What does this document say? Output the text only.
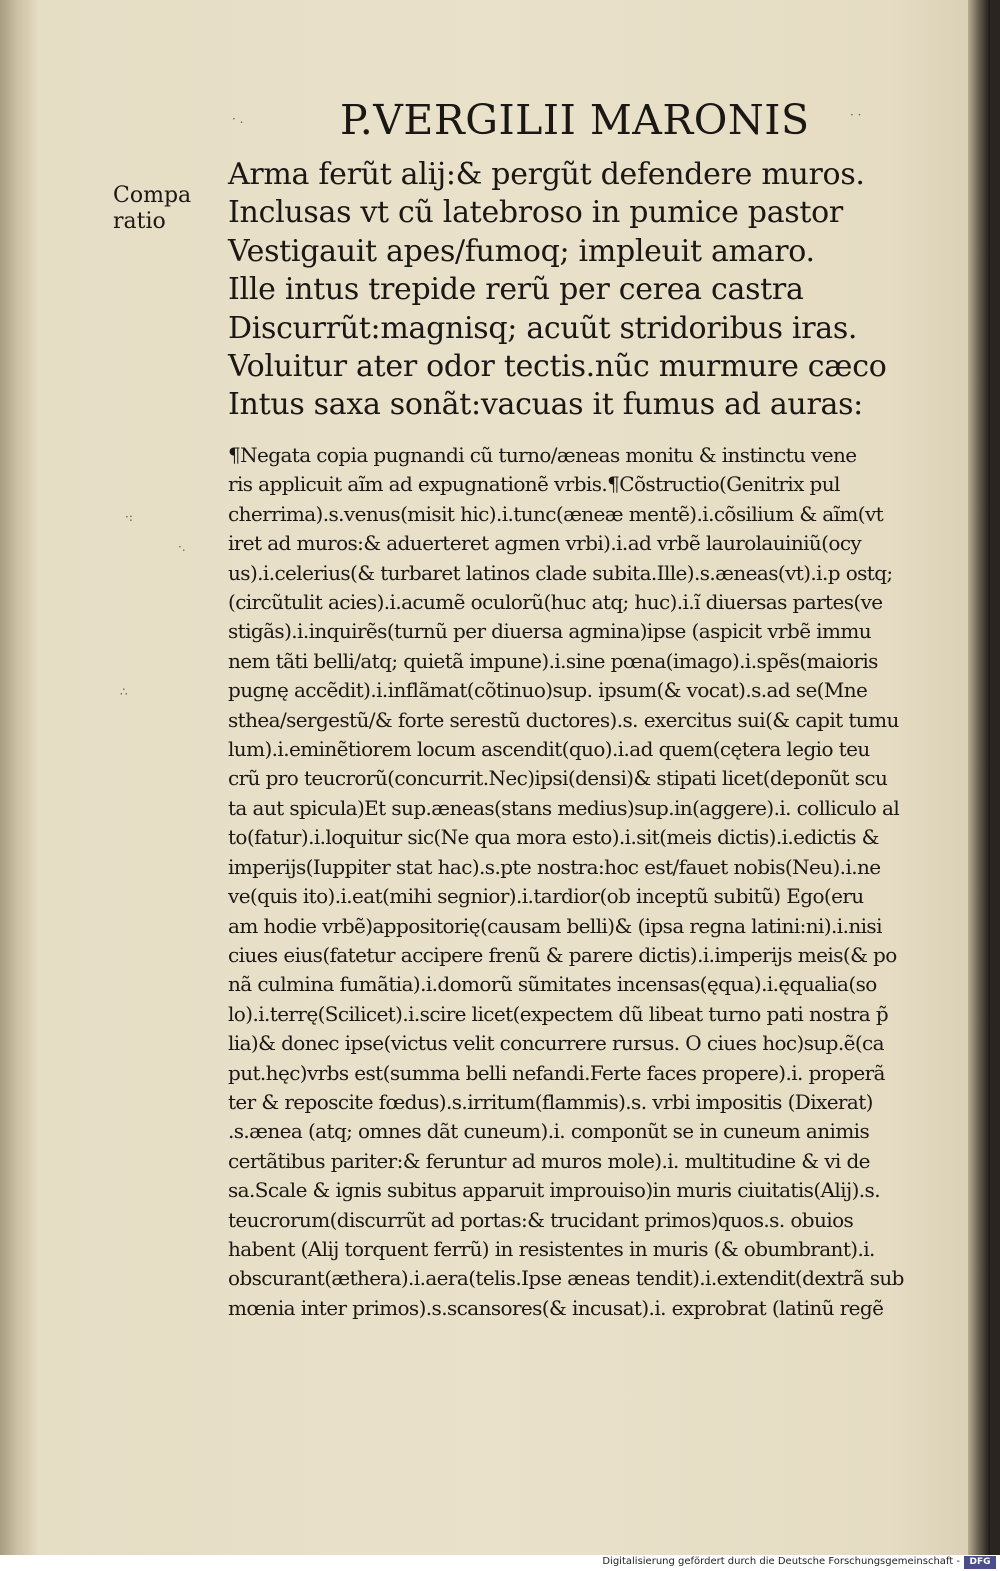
P.VERGILII MARONIS
Compa
ratio
Arma ferũt alij:& pergũt defendere muros.
Inclusas vt cũ latebroso in pumice pastor
Vestigauit apes/fumoq; impleuit amaro.
Ille intus trepide rerũ per cerea castra
Discurrũt:magnisq; acuũt stridoribus iras.
Voluitur ater odor tectis.nũc murmure cæco
Intus saxa sonãt:vacuas it fumus ad auras:
¶Negata copia pugnandi cũ turno/æneas monitu & instinctu vene
ris applicuit aĩm ad expugnationẽ vrbis.¶Cõstructio(Genitrix pul
cherrima).s.venus(misit hic).i.tunc(æneæ mentẽ).i.cõsilium & aĩm(vt
iret ad muros:& aduerteret agmen vrbi).i.ad vrbẽ laurolauiniũ(ocy
us).i.celerius(& turbaret latinos clade subita.Ille).s.æneas(vt).i.p ostq;
(circũtulit acies).i.acumẽ oculorũ(huc atq; huc).i.ĩ diuersas partes(ve
stigãs).i.inquirẽs(turnũ per diuersa agmina)ipse (aspicit vrbẽ immu
nem tãti belli/atq; quietã impune).i.sine pœna(imago).i.spẽs(maioris
pugnę accẽdit).i.inflãmat(cõtinuo)sup. ipsum(& vocat).s.ad se(Mne
sthea/sergestũ/& forte serestũ ductores).s. exercitus sui(& capit tumu
lum).i.eminẽtiorem locum ascendit(quo).i.ad quem(cętera legio teu
crũ pro teucrorũ(concurrit.Nec)ipsi(densi)& stipati licet(deponũt scu
ta aut spicula)Et sup.æneas(stans medius)sup.in(aggere).i. colliculo al
to(fatur).i.loquitur sic(Ne qua mora esto).i.sit(meis dictis).i.edictis &
imperijs(Iuppiter stat hac).s.pte nostra:hoc est/fauet nobis(Neu).i.ne
ve(quis ito).i.eat(mihi segnior).i.tardior(ob inceptũ subitũ) Ego(eru
am hodie vrbẽ)appositorię(causam belli)& (ipsa regna latini:ni).i.nisi
ciues eius(fatetur accipere frenũ & parere dictis).i.imperijs meis(& po
nã culmina fumãtia).i.domorũ sũmitates incensas(ęqua).i.ęqualia(so
lo).i.terrę(Scilicet).i.scire licet(expectem dũ libeat turno pati nostra p̃
lia)& donec ipse(victus velit concurrere rursus. O ciues hoc)sup.ẽ(ca
put.hęc)vrbs est(summa belli nefandi.Ferte faces propere).i. properã
ter & reposcite fœdus).s.irritum(flammis).s. vrbi impositis (Dixerat)
.s.ænea (atq; omnes dãt cuneum).i. componũt se in cuneum animis
certãtibus pariter:& feruntur ad muros mole).i. multitudine & vi de
sa.Scale & ignis subitus apparuit improuiso)in muris ciuitatis(Alij).s.
teucrorum(discurrũt ad portas:& trucidant primos)quos.s. obuios
habent (Alij torquent ferrũ) in resistentes in muris (& obumbrant).i.
obscurant(æthera).i.aera(telis.Ipse æneas tendit).i.extendit(dextrã sub
mœnia inter primos).s.scansores(& incusat).i. exprobrat (latinũ regẽ
·:
·.
∴
· .	· ·
Digitalisierung gefördert durch die Deutsche Forschungsgemeinschaft -	DFG
